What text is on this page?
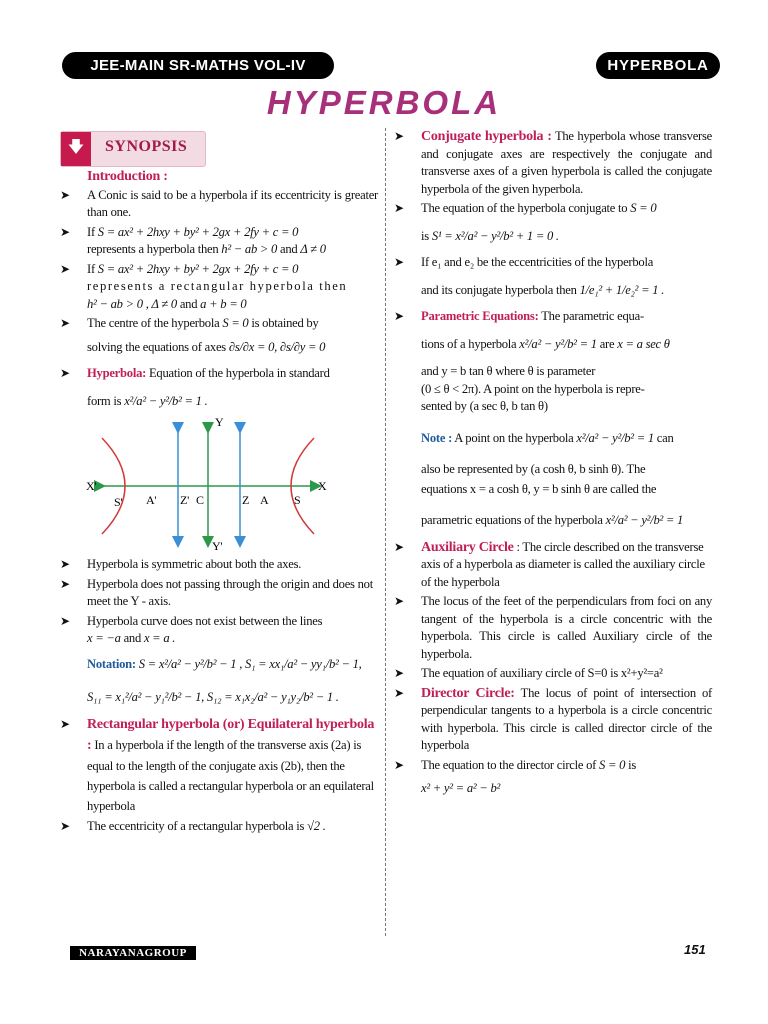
JEE-MAIN SR-MATHS VOL-IV	HYPERBOLA
HYPERBOLA
🡇	SYNOPSIS
Introduction :
➤ A Conic is said to be a hyperbola if its eccentricity is greater than one.
➤ If S = ax² + 2hxy + by² + 2gx + 2fy + c = 0
represents a hyperbola then h² − ab > 0 and Δ ≠ 0
➤ If S = ax² + 2hxy + by² + 2gx + 2fy + c = 0
represents a rectangular hyperbola then
h² − ab > 0 , Δ ≠ 0 and a + b = 0
➤ The centre of the hyperbola S = 0 is obtained by
solving the equations of axes ∂s/∂x = 0, ∂s/∂y = 0
➤ Hyperbola: Equation of the hyperbola in standard
form is x²/a² − y²/b² = 1 .
Y
Y'
X'	X
S' A' Z' C	Z A S
➤ Hyperbola is symmetric about both the axes.
➤ Hyperbola does not passing through the origin and does not meet the Y - axis.
➤ Hyperbola curve does not exist between the lines
x = −a and x = a .
Notation: S = x²/a² − y²/b² − 1 , S₁ = xx₁/a² − yy₁/b² − 1,
S₁₁ = x₁²/a² − y₁²/b² − 1, S₁₂ = x₁x₂/a² − y₁y₂/b² − 1 .
➤ Rectangular hyperbola (or) Equilateral hyperbola : In a hyperbola if the length of the transverse axis (2a) is equal to the length of the conjugate axis (2b), then the hyperbola is called a rectangular hyperbola or an equilateral hyperbola
➤ The eccentricity of a rectangular hyperbola is √2 .
➤ Conjugate hyperbola : The hyperbola whose transverse and conjugate axes are respectively the conjugate and transverse axes of a given hyperbola is called the conjugate hyperbola of the given hyperbola.
➤ The equation of the hyperbola conjugate to S = 0
is S¹ = x²/a² − y²/b² + 1 = 0 .
➤ If e₁ and e₂ be the eccentricities of the hyperbola
and its conjugate hyperbola then 1/e₁² + 1/e₂² = 1 .
➤ Parametric Equations: The parametric equa-
tions of a hyperbola x²/a² − y²/b² = 1 are x = a sec θ
and y = b tan θ where θ is parameter
(0 ≤ θ < 2π). A point on the hyperbola is repre-
sented by (a sec θ, b tan θ)
Note : A point on the hyperbola x²/a² − y²/b² = 1 can
also be represented by (a cosh θ, b sinh θ). The
equations x = a cosh θ, y = b sinh θ are called the
parametric equations of the hyperbola x²/a² − y²/b² = 1
➤ Auxiliary Circle : The circle described on the transverse axis of a hyperbola as diameter is called the auxiliary circle of the hyperbola
➤ The locus of the feet of the perpendiculars from foci on any tangent of the hyperbola is a circle concentric with the hyperbola. This circle is called Auxiliary circle of the hyperbola.
➤ The equation of auxiliary circle of S=0 is x²+y²=a²
➤ Director Circle: The locus of point of intersection of perpendicular tangents to a hyperbola is a circle concentric with hyperbola. This circle is called director circle of the hyperbola
➤ The equation to the director circle of S = 0 is
x² + y² = a² − b²
NARAYANAGROUP	151
